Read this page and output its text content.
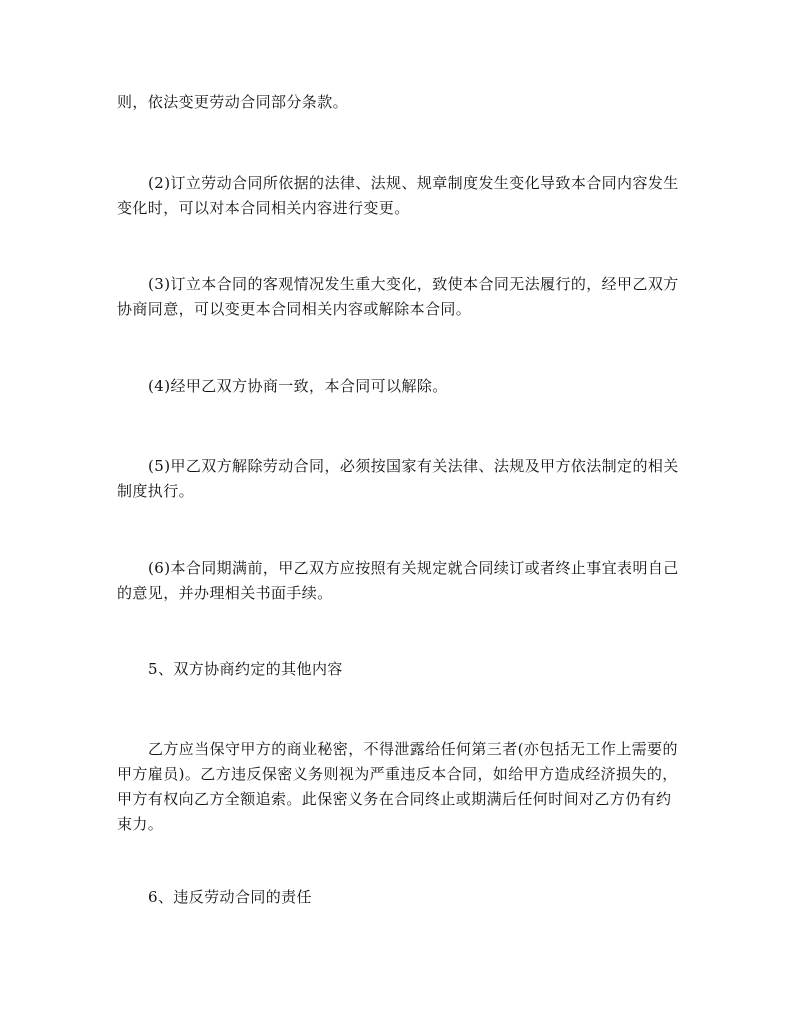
则，依法变更劳动合同部分条款。

(2)订立劳动合同所依据的法律、法规、规章制度发生变化导致本合同内容发生变化时，可以对本合同相关内容进行变更。

(3)订立本合同的客观情况发生重大变化，致使本合同无法履行的，经甲乙双方协商同意，可以变更本合同相关内容或解除本合同。

(4)经甲乙双方协商一致，本合同可以解除。

(5)甲乙双方解除劳动合同，必须按国家有关法律、法规及甲方依法制定的相关制度执行。

(6)本合同期满前，甲乙双方应按照有关规定就合同续订或者终止事宜表明自己的意见，并办理相关书面手续。

5、双方协商约定的其他内容

乙方应当保守甲方的商业秘密，不得泄露给任何第三者(亦包括无工作上需要的甲方雇员)。乙方违反保密义务则视为严重违反本合同，如给甲方造成经济损失的，甲方有权向乙方全额追索。此保密义务在合同终止或期满后任何时间对乙方仍有约束力。

6、违反劳动合同的责任
